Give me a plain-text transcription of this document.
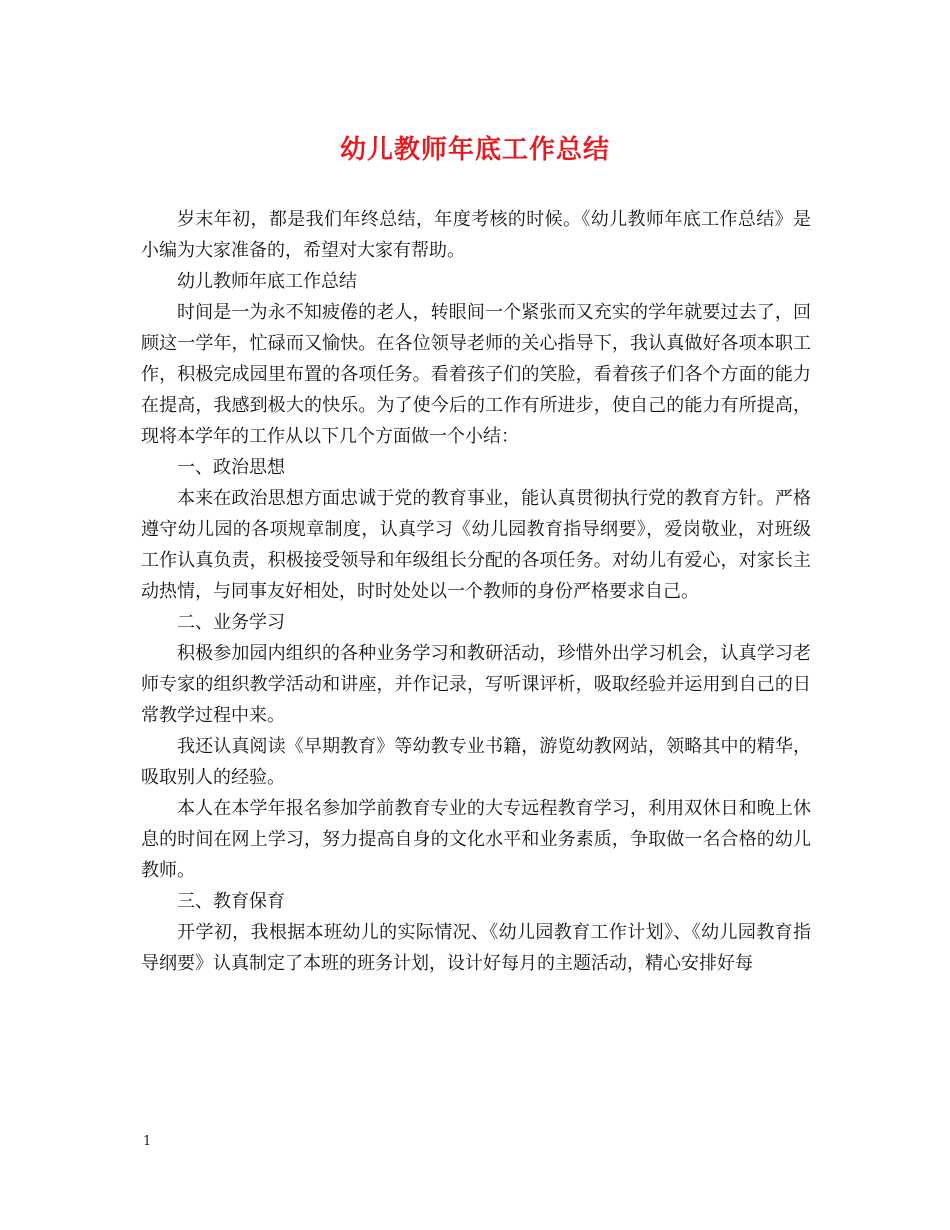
幼儿教师年底工作总结

岁末年初，都是我们年终总结，年度考核的时候。《幼儿教师年底工作总结》是小编为大家准备的，希望对大家有帮助。

幼儿教师年底工作总结

时间是一为永不知疲倦的老人，转眼间一个紧张而又充实的学年就要过去了，回顾这一学年，忙碌而又愉快。在各位领导老师的关心指导下，我认真做好各项本职工作，积极完成园里布置的各项任务。看着孩子们的笑脸，看着孩子们各个方面的能力在提高，我感到极大的快乐。为了使今后的工作有所进步，使自己的能力有所提高，现将本学年的工作从以下几个方面做一个小结：

一、政治思想

本来在政治思想方面忠诚于党的教育事业，能认真贯彻执行党的教育方针。严格遵守幼儿园的各项规章制度，认真学习《幼儿园教育指导纲要》，爱岗敬业，对班级工作认真负责，积极接受领导和年级组长分配的各项任务。对幼儿有爱心，对家长主动热情，与同事友好相处，时时处处以一个教师的身份严格要求自己。

二、业务学习

积极参加园内组织的各种业务学习和教研活动，珍惜外出学习机会，认真学习老师专家的组织教学活动和讲座，并作记录，写听课评析，吸取经验并运用到自己的日常教学过程中来。

我还认真阅读《早期教育》等幼教专业书籍，游览幼教网站，领略其中的精华，吸取别人的经验。

本人在本学年报名参加学前教育专业的大专远程教育学习，利用双休日和晚上休息的时间在网上学习，努力提高自身的文化水平和业务素质，争取做一名合格的幼儿教师。

三、教育保育

开学初，我根据本班幼儿的实际情况、《幼儿园教育工作计划》、《幼儿园教育指导纲要》认真制定了本班的班务计划，设计好每月的主题活动，精心安排好每

1
